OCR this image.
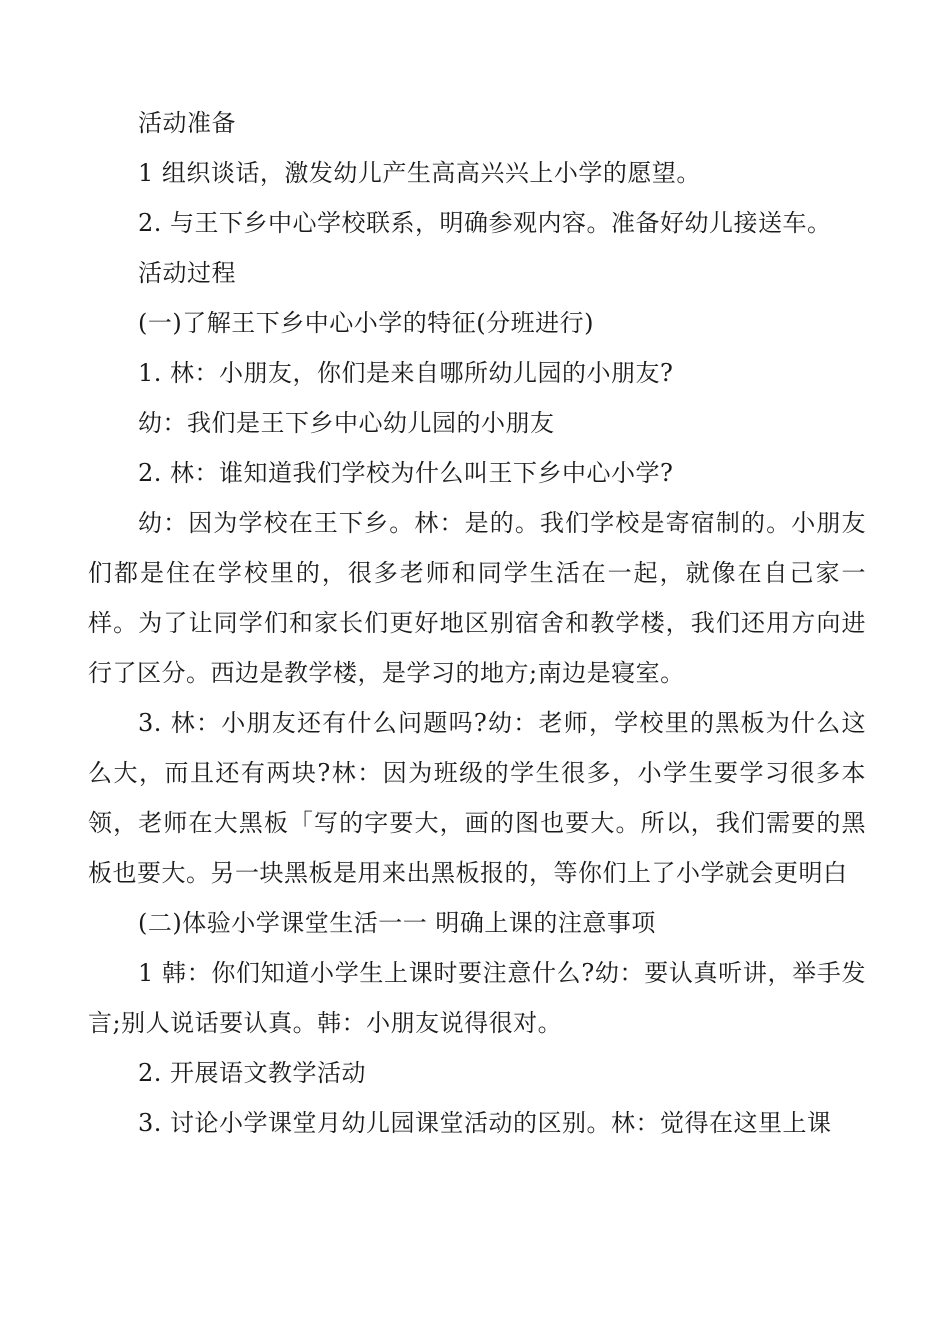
活动准备

1 组织谈话，激发幼儿产生高高兴兴上小学的愿望。

2. 与王下乡中心学校联系，明确参观内容。准备好幼儿接送车。

活动过程

(一)了解王下乡中心小学的特征(分班进行)

1. 林：小朋友，你们是来自哪所幼儿园的小朋友?

幼：我们是王下乡中心幼儿园的小朋友

2. 林：谁知道我们学校为什么叫王下乡中心小学?

幼：因为学校在王下乡。林：是的。我们学校是寄宿制的。小朋友们都是住在学校里的，很多老师和同学生活在一起，就像在自己家一样。为了让同学们和家长们更好地区别宿舍和教学楼，我们还用方向进行了区分。西边是教学楼，是学习的地方;南边是寝室。

3. 林：小朋友还有什么问题吗?幼：老师，学校里的黑板为什么这么大，而且还有两块?林：因为班级的学生很多，小学生要学习很多本领，老师在大黑板「写的字要大，画的图也要大。所以，我们需要的黑板也要大。另一块黑板是用来出黑板报的，等你们上了小学就会更明白

(二)体验小学课堂生活一一 明确上课的注意事项

1 韩：你们知道小学生上课时要注意什么?幼：要认真听讲，举手发言;别人说话要认真。韩：小朋友说得很对。

2. 开展语文教学活动

3. 讨论小学课堂月幼儿园课堂活动的区别。林：觉得在这里上课
